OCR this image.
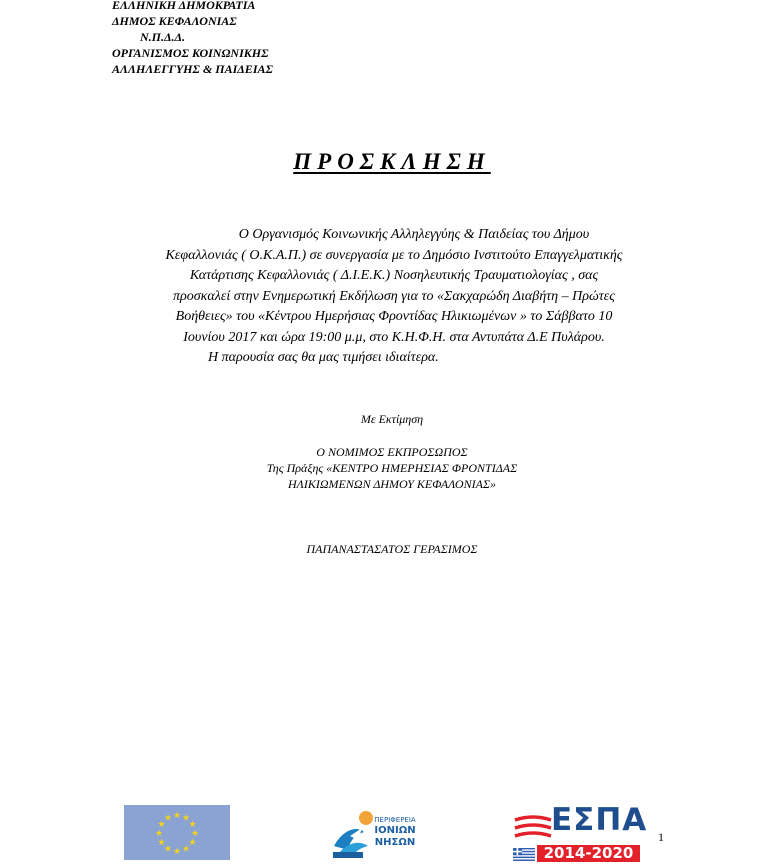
ΕΛΛΗΝΙΚΗ ΔΗΜΟΚΡΑΤΙΑ
ΔΗΜΟΣ ΚΕΦΑΛΟΝΙΑΣ
Ν.Π.Δ.Δ.
ΟΡΓΑΝΙΣΜΟΣ ΚΟΙΝΩΝΙΚΗΣ
ΑΛΛΗΛΕΓΓΥΗΣ & ΠΑΙΔΕΙΑΣ
ΠΡΟΣΚΛΗΣΗ

Ο Οργανισμός Κοινωνικής Αλληλεγγύης & Παιδείας του Δήμου

Κεφαλλονιάς ( Ο.Κ.Α.Π.) σε συνεργασία με το Δημόσιο Ινστιτούτο Επαγγελματικής

Κατάρτισης Κεφαλλονιάς ( Δ.Ι.Ε.Κ.) Νοσηλευτικής Τραυματιολογίας , σας

προσκαλεί στην Ενημερωτική Εκδήλωση για το «Σακχαρώδη Διαβήτη – Πρώτες

Βοήθειες» του «Κέντρου Ημερήσιας Φροντίδας Ηλικιωμένων » το Σάββατο 10

Ιουνίου 2017 και ώρα 19:00 μ.μ, στο Κ.Η.Φ.Η. στα Αντυπάτα Δ.Ε Πυλάρου.

Η παρουσία σας θα μας τιμήσει ιδιαίτερα.

Με Εκτίμηση
Ο ΝΟΜΙΜΟΣ ΕΚΠΡΟΣΩΠΟΣ
Της Πράξης «ΚΕΝΤΡΟ ΗΜΕΡΗΣΙΑΣ ΦΡΟΝΤΙΔΑΣ
ΗΛΙΚΙΩΜΕΝΩΝ ΔΗΜΟΥ ΚΕΦΑΛΟΝΙΑΣ»
ΠΑΠΑΝΑΣΤΑΣΑΤΟΣ ΓΕΡΑΣΙΜΟΣ
★ ★
★
★
★
★
★
★
★
★
★
★	ΠΕΡΙΦΕΡΕΙΑ
ΙΟΝΙΩΝ
ΝΗΣΩΝ
ΕΣΠΑ
2014-2020
1
